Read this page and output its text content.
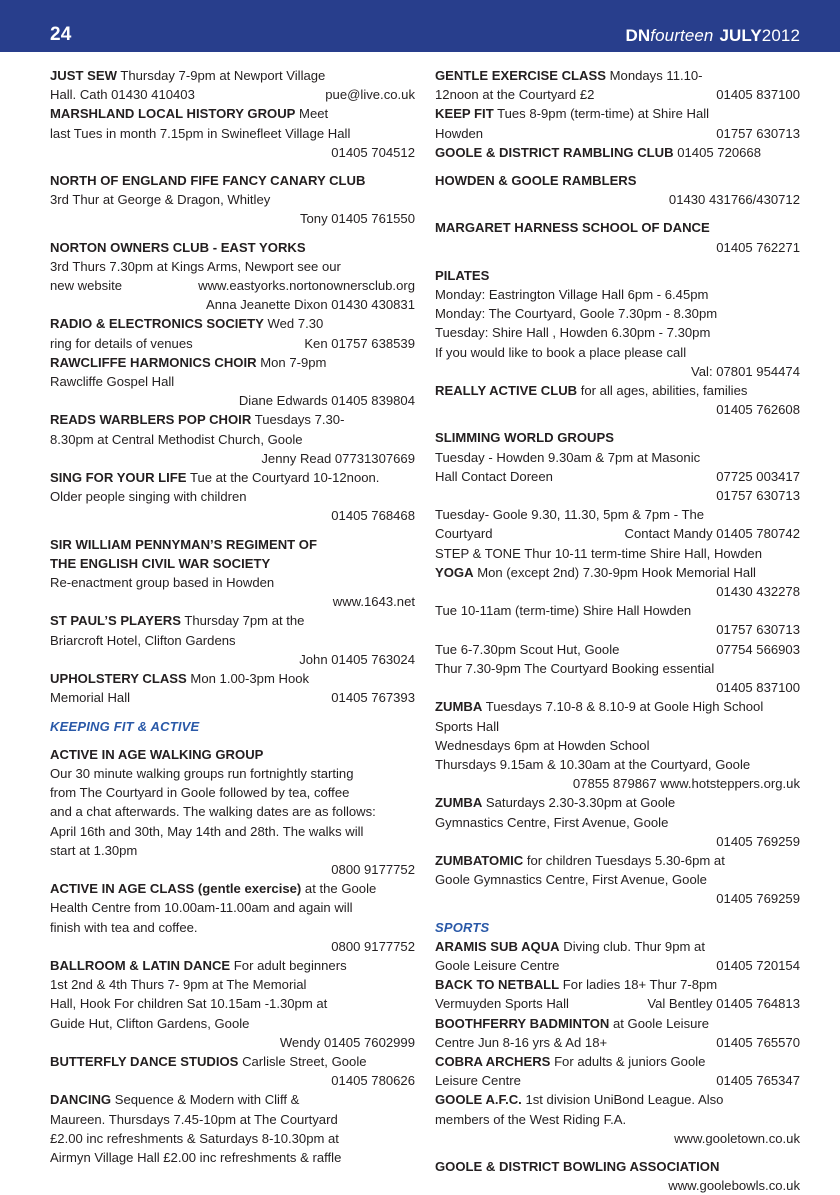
24	DNfourteen JULY2012

JUST SEW Thursday 7-9pm at Newport Village

Hall. Cath 01430 410403	pue@live.co.uk

MARSHLAND LOCAL HISTORY GROUP Meet

last Tues in month 7.15pm in Swinefleet Village Hall

01405 704512

NORTH OF ENGLAND FIFE FANCY CANARY CLUB

3rd Thur at George & Dragon, Whitley

Tony 01405 761550

NORTON OWNERS CLUB - EAST YORKS

3rd Thurs 7.30pm at Kings Arms, Newport see our

new website	www.eastyorks.nortonownersclub.org

Anna Jeanette Dixon 01430 430831

RADIO & ELECTRONICS SOCIETY Wed 7.30

ring for details of venues	Ken 01757 638539

RAWCLIFFE HARMONICS CHOIR Mon 7-9pm

Rawcliffe Gospel Hall

Diane Edwards 01405 839804

READS WARBLERS POP CHOIR Tuesdays 7.30-

8.30pm at Central Methodist Church, Goole

Jenny Read 07731307669

SING FOR YOUR LIFE Tue at the Courtyard 10-12noon.

Older people singing with children

01405 768468

SIR WILLIAM PENNYMAN’S REGIMENT OF

THE ENGLISH CIVIL WAR SOCIETY

Re-enactment group based in Howden

www.1643.net

ST PAUL’S PLAYERS Thursday 7pm at the

Briarcroft Hotel, Clifton Gardens

John 01405 763024

UPHOLSTERY CLASS Mon 1.00-3pm Hook

Memorial Hall	01405 767393

KEEPING FIT & ACTIVE

ACTIVE IN AGE WALKING GROUP

Our 30 minute walking groups run fortnightly starting

from The Courtyard in Goole followed by tea, coffee

and a chat afterwards. The walking dates are as follows:

April 16th and 30th, May 14th and 28th. The walks will

start at 1.30pm

0800 9177752

ACTIVE IN AGE CLASS (gentle exercise) at the Goole

Health Centre from 10.00am-11.00am and again will

finish with tea and coffee.

0800 9177752

BALLROOM & LATIN DANCE For adult beginners

1st 2nd & 4th Thurs 7- 9pm at The Memorial

Hall, Hook For children Sat 10.15am -1.30pm at

Guide Hut, Clifton Gardens, Goole

Wendy 01405 7602999

BUTTERFLY DANCE STUDIOS Carlisle Street, Goole

01405 780626

DANCING Sequence & Modern with Cliff &

Maureen. Thursdays 7.45-10pm at The Courtyard

£2.00 inc refreshments & Saturdays 8-10.30pm at

Airmyn Village Hall £2.00 inc refreshments & raffle

GENTLE EXERCISE CLASS Mondays 11.10-

12noon at the Courtyard £2	01405 837100

KEEP FIT Tues 8-9pm (term-time) at Shire Hall

Howden	01757 630713

GOOLE & DISTRICT RAMBLING CLUB 01405 720668

HOWDEN & GOOLE RAMBLERS

01430 431766/430712

MARGARET HARNESS SCHOOL OF DANCE

01405 762271

PILATES

Monday: Eastrington Village Hall 6pm - 6.45pm

Monday: The Courtyard, Goole 7.30pm - 8.30pm

Tuesday: Shire Hall , Howden 6.30pm - 7.30pm

If you would like to book a place please call

Val: 07801 954474

REALLY ACTIVE CLUB for all ages, abilities, families

01405 762608

SLIMMING WORLD GROUPS

Tuesday - Howden 9.30am & 7pm at Masonic

Hall Contact Doreen	07725 003417

01757 630713

Tuesday- Goole 9.30, 11.30, 5pm & 7pm - The

Courtyard	Contact Mandy 01405 780742

STEP & TONE Thur 10-11 term-time Shire Hall, Howden

YOGA Mon (except 2nd) 7.30-9pm Hook Memorial Hall

01430 432278

Tue 10-11am (term-time) Shire Hall Howden

01757 630713

Tue 6-7.30pm Scout Hut, Goole	07754 566903

Thur 7.30-9pm The Courtyard Booking essential

01405 837100

ZUMBA Tuesdays 7.10-8 & 8.10-9 at Goole High School

Sports Hall

Wednesdays 6pm at Howden School

Thursdays 9.15am & 10.30am at the Courtyard, Goole

07855 879867 www.hotsteppers.org.uk

ZUMBA Saturdays 2.30-3.30pm at Goole

Gymnastics Centre, First Avenue, Goole

01405 769259

ZUMBATOMIC for children Tuesdays 5.30-6pm at

Goole Gymnastics Centre, First Avenue, Goole

01405 769259

SPORTS

ARAMIS SUB AQUA Diving club. Thur 9pm at

Goole Leisure Centre	01405 720154

BACK TO NETBALL For ladies 18+ Thur 7-8pm

Vermuyden Sports Hall	Val Bentley 01405 764813

BOOTHFERRY BADMINTON at Goole Leisure

Centre Jun 8-16 yrs & Ad 18+	01405 765570

COBRA ARCHERS For adults & juniors Goole

Leisure Centre	01405 765347

GOOLE A.F.C. 1st division UniBond League. Also

members of the West Riding F.A.

www.gooletown.co.uk

GOOLE & DISTRICT BOWLING ASSOCIATION

www.goolebowls.co.uk
